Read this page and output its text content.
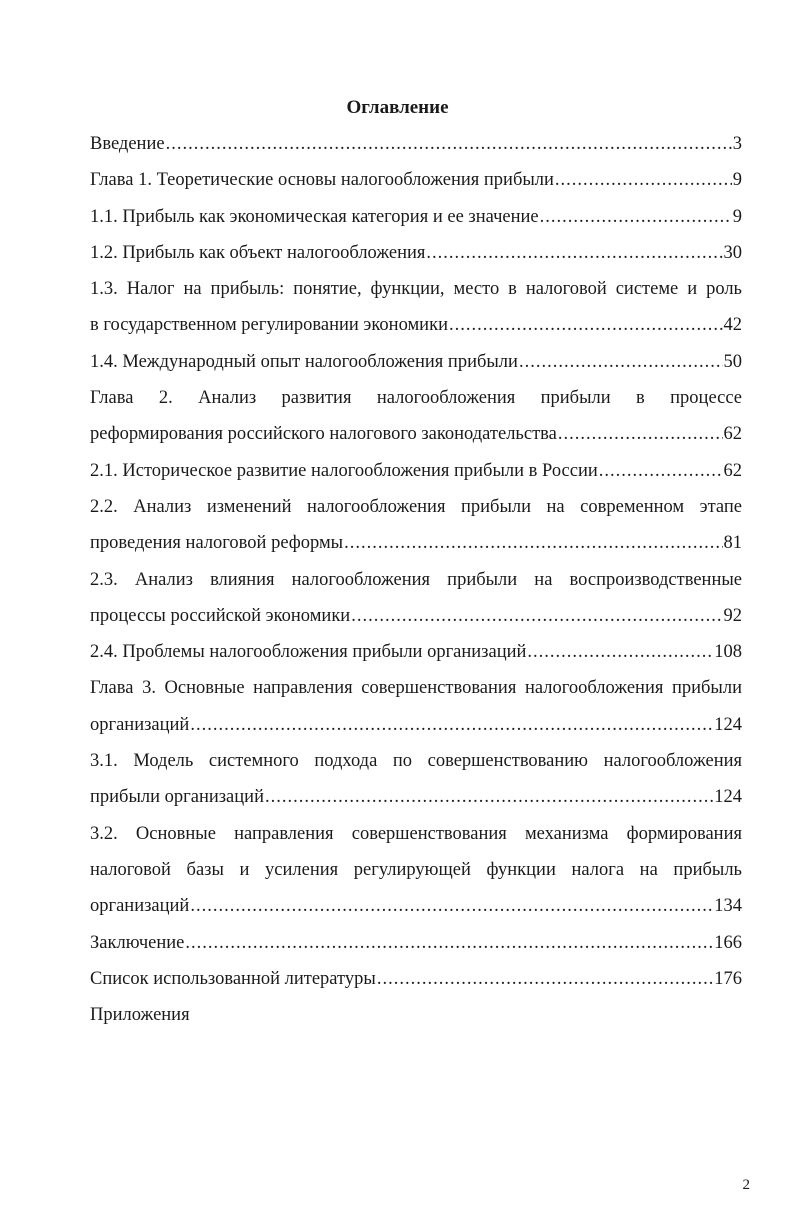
Оглавление
Введение .....	3
Глава 1. Теоретические основы налогообложения прибыли .....	9
1.1. Прибыль как экономическая категория и ее значение .....	9
1.2. Прибыль как объект налогообложения .....	30
1.3. Налог на прибыль: понятие, функции, место в налоговой системе и роль
в государственном регулировании экономики .....	42
1.4. Международный опыт налогообложения прибыли .....	50
Глава 2. Анализ развития налогообложения прибыли в процессе
реформирования российского налогового законодательства .....	62
2.1. Историческое развитие налогообложения прибыли в России .....	62
2.2. Анализ изменений налогообложения прибыли на современном этапе
проведения налоговой реформы .....	81
2.3. Анализ влияния налогообложения прибыли на воспроизводственные
процессы российской экономики .....	92
2.4. Проблемы налогообложения прибыли организаций .....	108
Глава 3. Основные направления совершенствования налогообложения прибыли
организаций .....	124
3.1. Модель системного подхода по совершенствованию налогообложения
прибыли организаций .....	124
3.2. Основные направления совершенствования механизма формирования
налоговой базы и усиления регулирующей функции налога на прибыль
организаций .....	134
Заключение .....	166
Список использованной литературы .....	176
Приложения
2
